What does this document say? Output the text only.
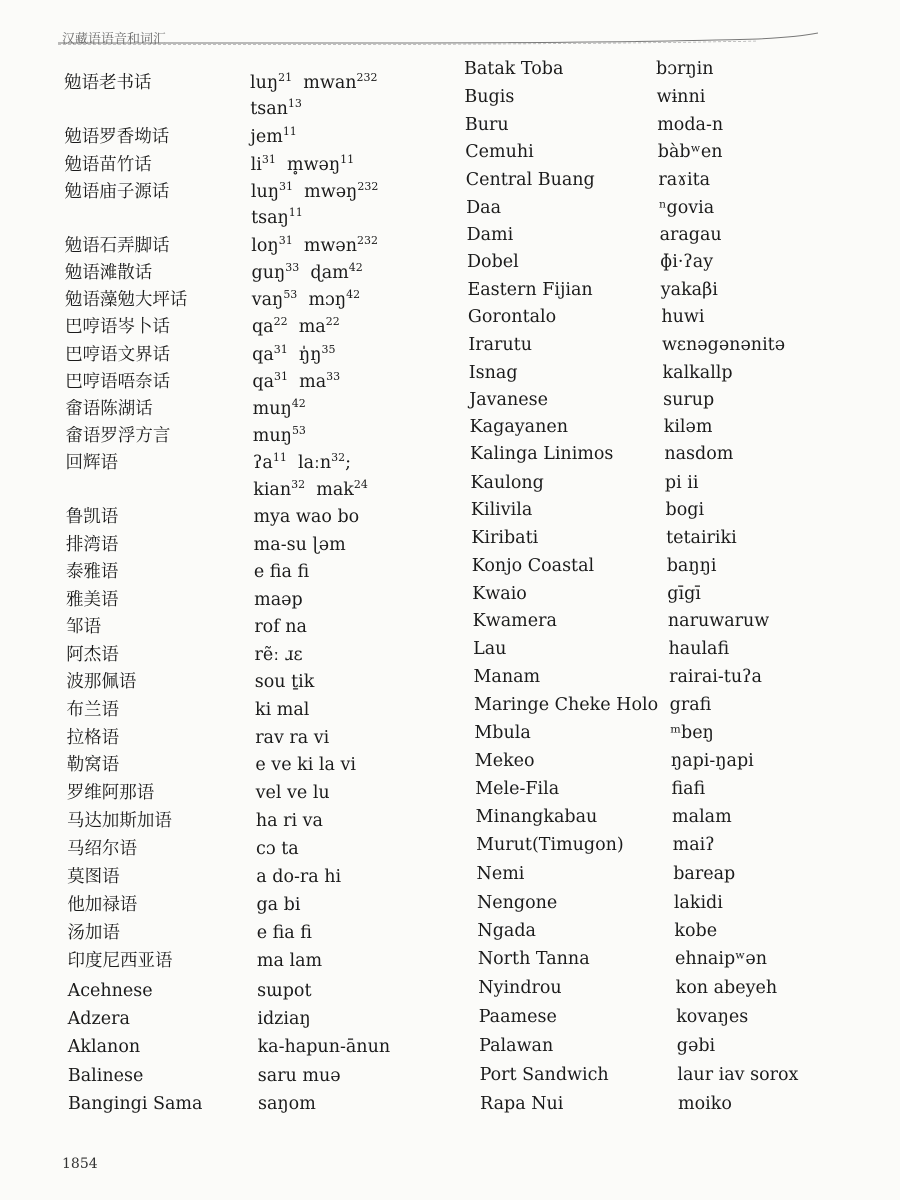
汉藏语语音和词汇
勉语老书话
勉语罗香坳话
勉语苗竹话
勉语庙子源话
勉语石弄脚话
勉语滩散话
勉语藻勉大坪话
巴哼语岑卜话
巴哼语文界话
巴哼语唔奈话
畲语陈湖话
畲语罗浮方言
回辉语
鲁凯语
排湾语
泰雅语
雅美语
邹语
阿杰语
波那佩语
布兰语
拉格语
勒窝语
罗维阿那语
马达加斯加语
马绍尔语
莫图语
他加禄语
汤加语
印度尼西亚语
Acehnese
Adzera
Aklanon
Balinese
Bangingi Sama
luŋ$^{21}$  mwan$^{232}$
tsan$^{13}$
jem$^{11}$
$li^{31}$  m̥wəŋ$^{11}$
luŋ$^{31}$  mwəŋ$^{232}$
tsaŋ$^{11}$
loŋ$^{31}$  mwən$^{232}$
guŋ$^{33}$  ɖam$^{42}$
vaŋ$^{53}$  mɔŋ$^{42}$
$qa^{22}$  $ma^{22}$
$qa^{31}$  $ŋ̍ŋ^{35}$
$qa^{31}$  $ma^{33}$
muŋ$^{42}$
muŋ$^{53}$
ʔa$^{11}$  laːn$^{32}$;
kian$^{32}$  mak$^{24}$
mya wao bo
ma-su ɭəm
e fia fi
maəp
rof na
rẽː ɹɛ
sou ṯik
ki mal
rav ra vi
e ve ki la vi
vel ve lu
ha ri va
cɔ ta
a do-ra hi
ga bi
e fia fi
ma lam
sɯpot
idziaŋ
ka-hapun-ānun
saru muə
saŋom
Batak Toba
Bugis
Buru
Cemuhi
Central Buang
Daa
Dami
Dobel
Eastern Fijian
Gorontalo
Irarutu
Isnag
Javanese
Kagayanen
Kalinga Linimos
Kaulong
Kilivila
Kiribati
Konjo Coastal
Kwaio
Kwamera
Lau
Manam
Maringe Cheke Holo
Mbula
Mekeo
Mele-Fila
Minangkabau
Murut(Timugon)
Nemi
Nengone
Ngada
North Tanna
Nyindrou
Paamese
Palawan
Port Sandwich
Rapa Nui
bɔrŋin
wɨnni
moda-n
bàbʷen
raɤita
ⁿgovia
aragau
ɸi·ʔay
yakaβi
huwi
wɛnəgənənitə
kalkallp
surup
kiləm
nasdom
pi ii
bogi
tetairiki
baŋŋi
gīgī
naruwaruw
haulafi
rairai-tuʔa
grafi
ᵐbeŋ
ŋapi-ŋapi
fiafi
malam
maiʔ
bareap
lakidi
kobe
ehnaipʷən
kon abeyeh
kovaŋes
gəbi
laur iav sorox
moiko
1854
